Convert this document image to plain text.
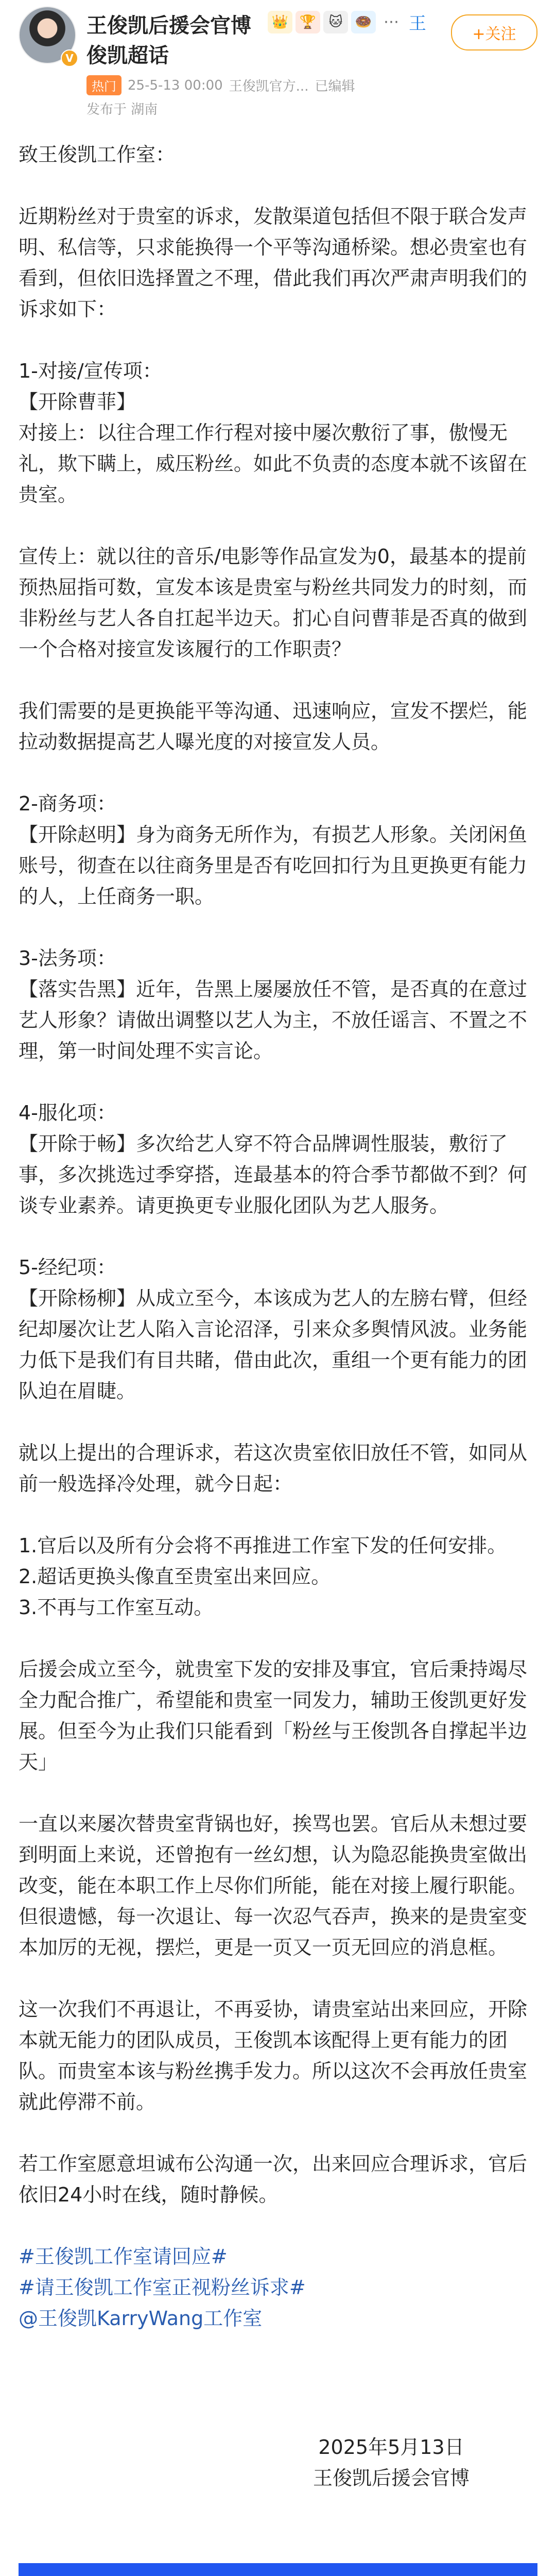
V
王俊凯后援会官博	👑 🏆 🐱 🍩 ⋯ 王
+关注
俊凯超话
热门 25-5-13 00:00 王俊凯官方... 已编辑
发布于 湖南

致王俊凯工作室：

近期粉丝对于贵室的诉求，发散渠道包括但不限于联合发声明、私信等，只求能换得一个平等沟通桥梁。想必贵室也有看到，但依旧选择置之不理，借此我们再次严肃声明我们的诉求如下：

1-对接/宣传项：

【开除曹菲】

对接上：以往合理工作行程对接中屡次敷衍了事，傲慢无礼，欺下瞒上，威压粉丝。如此不负责的态度本就不该留在贵室。

宣传上：就以往的音乐/电影等作品宣发为0，最基本的提前预热屈指可数，宣发本该是贵室与粉丝共同发力的时刻，而非粉丝与艺人各自扛起半边天。扪心自问曹菲是否真的做到一个合格对接宣发该履行的工作职责？

我们需要的是更换能平等沟通、迅速响应，宣发不摆烂，能拉动数据提高艺人曝光度的对接宣发人员。

2-商务项：

【开除赵明】身为商务无所作为，有损艺人形象。关闭闲鱼账号，彻查在以往商务里是否有吃回扣行为且更换更有能力的人，上任商务一职。

3-法务项：

【落实告黑】近年，告黑上屡屡放任不管，是否真的在意过艺人形象？请做出调整以艺人为主，不放任谣言、不置之不理，第一时间处理不实言论。

4-服化项：

【开除于畅】多次给艺人穿不符合品牌调性服装，敷衍了事，多次挑选过季穿搭，连最基本的符合季节都做不到？何谈专业素养。请更换更专业服化团队为艺人服务。

5-经纪项：

【开除杨柳】从成立至今，本该成为艺人的左膀右臂，但经纪却屡次让艺人陷入言论沼泽，引来众多舆情风波。业务能力低下是我们有目共睹，借由此次，重组一个更有能力的团队迫在眉睫。

就以上提出的合理诉求，若这次贵室依旧放任不管，如同从前一般选择冷处理，就今日起：

1.官后以及所有分会将不再推进工作室下发的任何安排。

2.超话更换头像直至贵室出来回应。

3.不再与工作室互动。

后援会成立至今，就贵室下发的安排及事宜，官后秉持竭尽全力配合推广，希望能和贵室一同发力，辅助王俊凯更好发展。但至今为止我们只能看到「粉丝与王俊凯各自撑起半边天」

一直以来屡次替贵室背锅也好，挨骂也罢。官后从未想过要到明面上来说，还曾抱有一丝幻想，认为隐忍能换贵室做出改变，能在本职工作上尽你们所能，能在对接上履行职能。但很遗憾，每一次退让、每一次忍气吞声，换来的是贵室变本加厉的无视，摆烂，更是一页又一页无回应的消息框。

这一次我们不再退让，不再妥协，请贵室站出来回应，开除本就无能力的团队成员，王俊凯本该配得上更有能力的团队。而贵室本该与粉丝携手发力。所以这次不会再放任贵室就此停滞不前。

若工作室愿意坦诚布公沟通一次，出来回应合理诉求，官后依旧24小时在线，随时静候。

#王俊凯工作室请回应#
#请王俊凯工作室正视粉丝诉求#
@王俊凯KarryWang工作室
2025年5月13日
王俊凯后援会官博
